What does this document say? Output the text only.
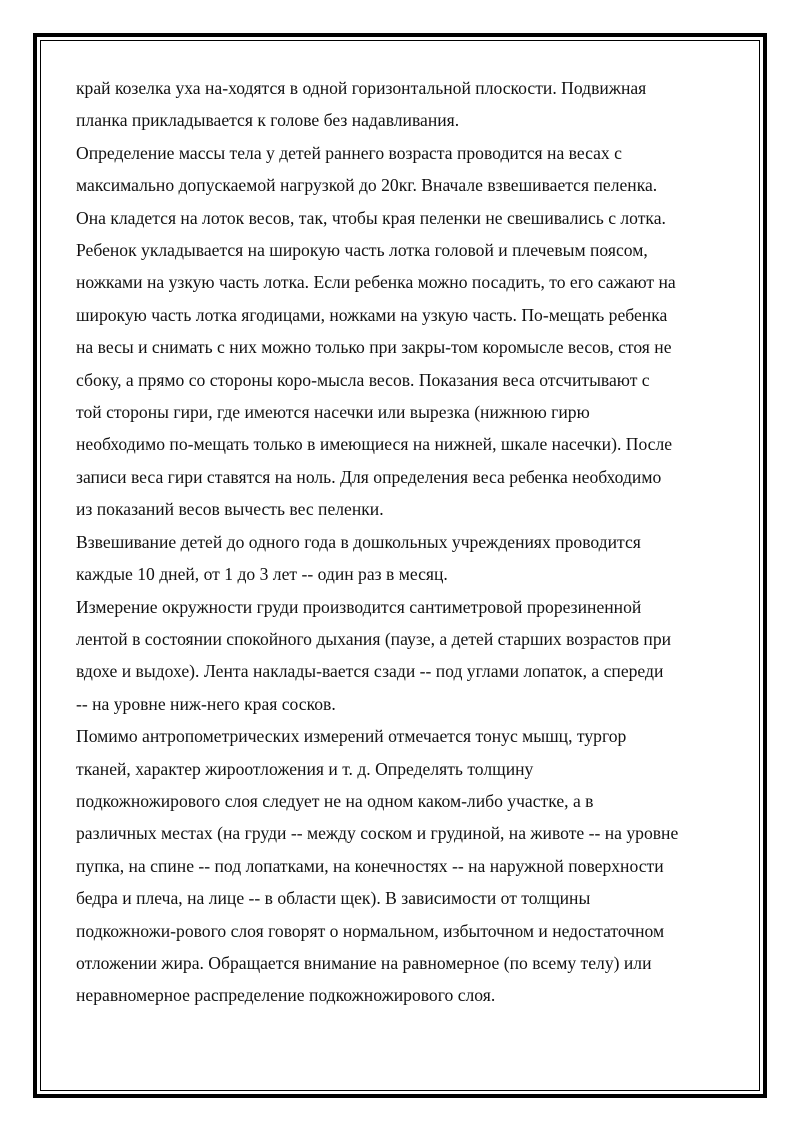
край козелка уха на-ходятся в одной горизонтальной плоскости. Подвижная
планка прикладывается к голове без надавливания.
Определение массы тела у детей раннего возраста проводится на весах с
максимально допускаемой нагрузкой до 20кг. Вначале взвешивается пеленка.
Она кладется на лоток весов, так, чтобы края пеленки не свешивались с лотка.
Ребенок укладывается на широкую часть лотка головой и плечевым поясом,
ножками на узкую часть лотка. Если ребенка можно посадить, то его сажают на
широкую часть лотка ягодицами, ножками на узкую часть. По-мещать ребенка
на весы и снимать с них можно только при закры-том коромысле весов, стоя не
сбоку, а прямо со стороны коро-мысла весов. Показания веса отсчитывают с
той стороны гири, где имеются насечки или вырезка (нижнюю гирю
необходимо по-мещать только в имеющиеся на нижней, шкале насечки). После
записи веса гири ставятся на ноль. Для определения веса ребенка необходимо
из показаний весов вычесть вес пеленки.
Взвешивание детей до одного года в дошкольных учреждениях проводится
каждые 10 дней, от 1 до 3 лет -- один раз в месяц.
Измерение окружности груди производится сантиметровой прорезиненной
лентой в состоянии спокойного дыхания (паузе, а детей старших возрастов при
вдохе и выдохе). Лента наклады-вается сзади -- под углами лопаток, а спереди
-- на уровне ниж-него края сосков.
Помимо антропометрических измерений отмечается тонус мышц, тургор
тканей, характер жироотложения и т. д. Определять толщину
подкожножирового слоя следует не на одном каком-либо участке, а в
различных местах (на груди -- между соском и грудиной, на животе -- на уровне
пупка, на спине -- под лопатками, на конечностях -- на наружной поверхности
бедра и плеча, на лице -- в области щек). В зависимости от толщины
подкожножи-рового слоя говорят о нормальном, избыточном и недостаточном
отложении жира. Обращается внимание на равномерное (по всему телу) или
неравномерное распределение подкожножирового слоя.
